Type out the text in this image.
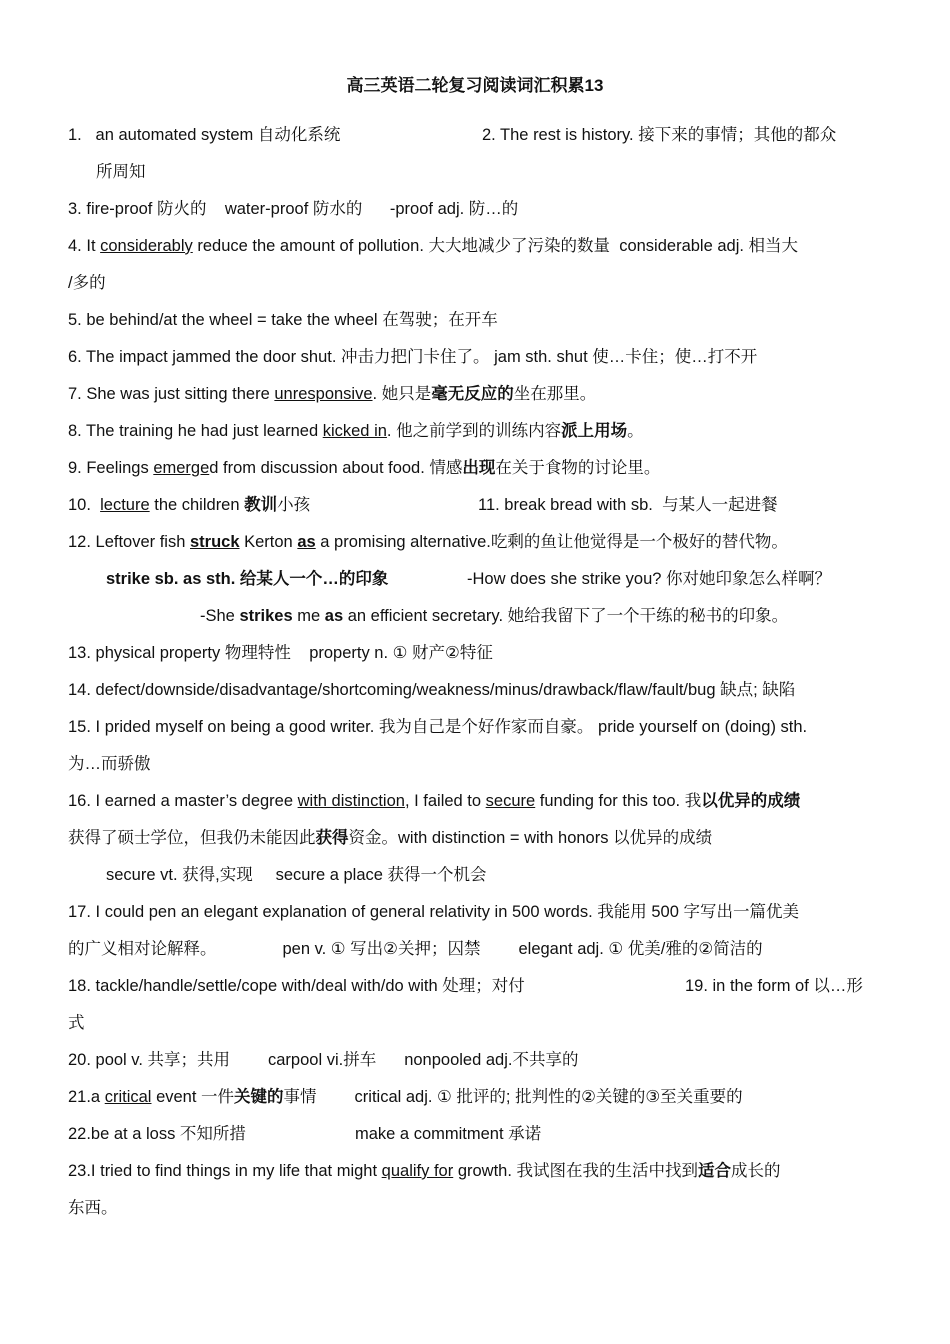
高三英语二轮复习阅读词汇积累13
1. an automated system 自动化系统	2. The rest is history. 接下来的事情；其他的都众
所周知
3. fire-proof 防火的 water-proof 防水的 -proof adj. 防…的
4. It considerably reduce the amount of pollution. 大大地减少了污染的数量 considerable adj. 相当大
/多的
5. be behind/at the wheel = take the wheel 在驾驶；在开车
6. The impact jammed the door shut. 冲击力把门卡住了。 jam sth. shut 使…卡住；使…打不开
7. She was just sitting there unresponsive. 她只是毫无反应的坐在那里。
8. The training he had just learned kicked in. 他之前学到的训练内容派上用场。
9. Feelings emerged from discussion about food. 情感出现在关于食物的讨论里。
10. lecture the children 教训小孩	11. break bread with sb. 与某人一起进餐
12. Leftover fish struck Kerton as a promising alternative.吃剩的鱼让他觉得是一个极好的替代物。
strike sb. as sth. 给某人一个…的印象	-How does she strike you? 你对她印象怎么样啊？
-She strikes me as an efficient secretary. 她给我留下了一个干练的秘书的印象。
13. physical property 物理特性 property n. ① 财产②特征
14. defect/downside/disadvantage/shortcoming/weakness/minus/drawback/flaw/fault/bug 缺点; 缺陷
15. I prided myself on being a good writer. 我为自己是个好作家而自豪。 pride yourself on (doing) sth.
为…而骄傲
16. I earned a master’s degree with distinction, I failed to secure funding for this too. 我以优异的成绩
获得了硕士学位，但我仍未能因此获得资金。with distinction = with honors 以优异的成绩
secure vt. 获得,实现 secure a place 获得一个机会
17. I could pen an elegant explanation of general relativity in 500 words. 我能用 500 字写出一篇优美
的广义相对论解释。	pen v. ① 写出②关押；囚禁 elegant adj. ① 优美/雅的②简洁的
18. tackle/handle/settle/cope with/deal with/do with 处理；对付	19. in the form of 以…形
式
20. pool v. 共享；共用 carpool vi.拼车 nonpooled adj.不共享的
21.a critical event 一件关键的事情 critical adj. ① 批评的; 批判性的②关键的③至关重要的
22.be at a loss 不知所措	make a commitment 承诺
23.I tried to find things in my life that might qualify for growth. 我试图在我的生活中找到适合成长的
东西。
